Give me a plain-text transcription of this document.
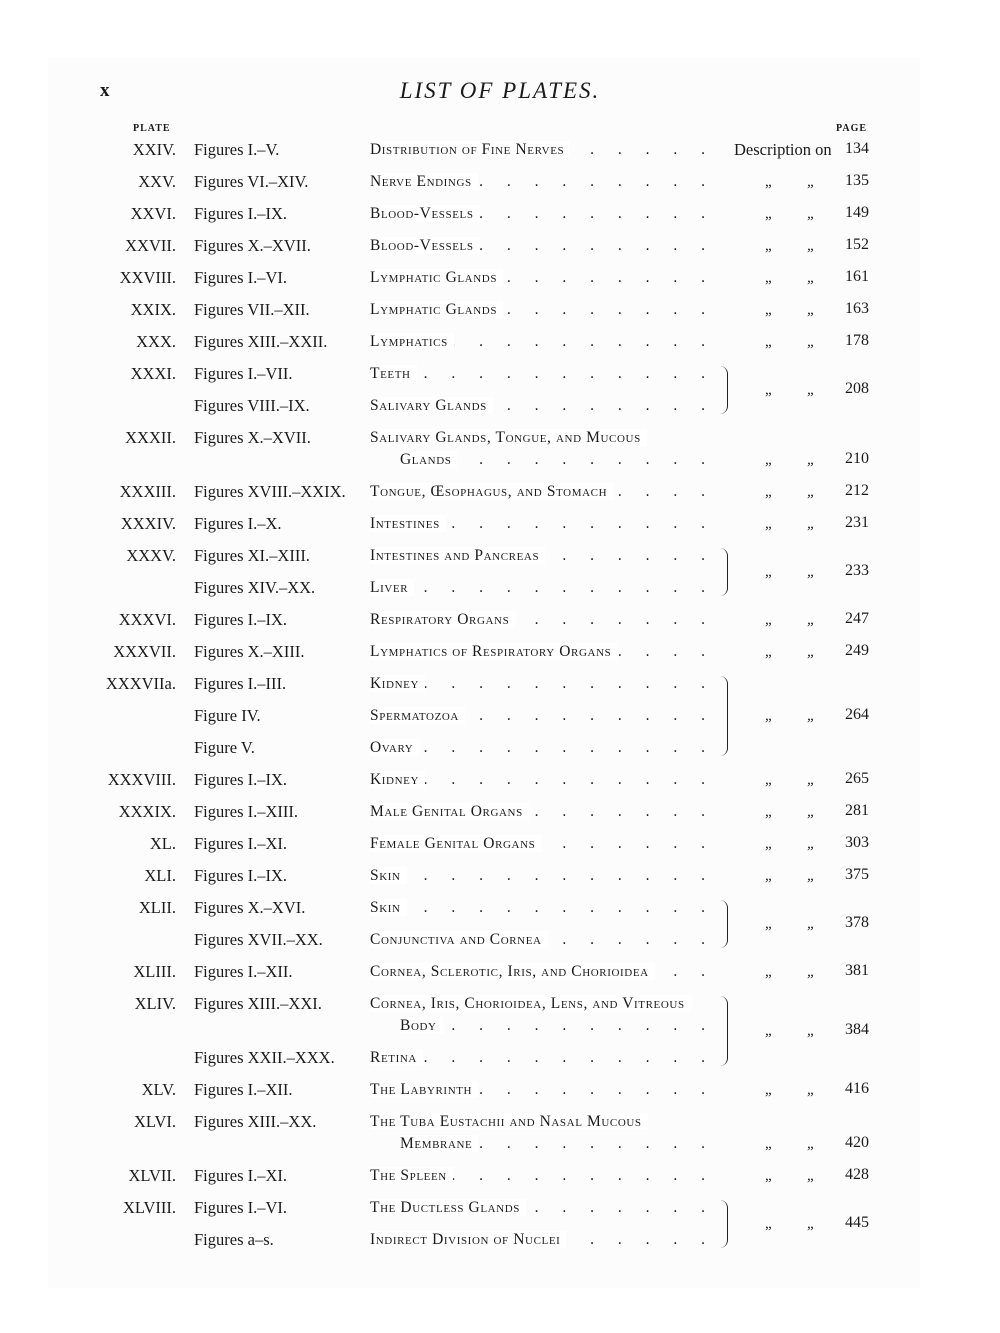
x	LIST OF PLATES.
PLATE	PAGE
XXIV. Figures I.–V.	Distribution of Fine Nerves . . .	Description on 134
XXV. Figures VI.–XIV.	Nerve Endings . . .	„ „ 135
XXVI. Figures I.–IX.	Blood-Vessels . . .	„ „ 149
XXVII. Figures X.–XVII.	Blood-Vessels . . .	„ „ 152
XXVIII. Figures I.–VI.	Lymphatic Glands . . .	„ „ 161
XXIX. Figures VII.–XII.	Lymphatic Glands . . .	„ „ 163
XXX. Figures XIII.–XXII.	Lymphatics . . .	„ „ 178
XXXI. Figures I.–VII.	Teeth . . .
Figures VIII.–IX.	Salivary Glands . . .
„ „ 208
XXXII. Figures X.–XVII.	Salivary Glands, Tongue, and Mucous
Glands . . .	„ „ 210
XXXIII. Figures XVIII.–XXIX. Tongue, Œsophagus, and Stomach . . .	„ „ 212
XXXIV. Figures I.–X.	Intestines . . .	„ „ 231
XXXV. Figures XI.–XIII.	Intestines and Pancreas . . .
Figures XIV.–XX.	Liver . . .
„ „ 233
XXXVI. Figures I.–IX.	Respiratory Organs . . .	„ „ 247
XXXVII. Figures X.–XIII.	Lymphatics of Respiratory Organs . . .	„ „ 249
XXXVIIa. Figures I.–III.	Kidney . . .
Figure IV.	Spermatozoa . . .
Figure V.	Ovary . . .
„ „ 264
XXXVIII. Figures I.–IX.	Kidney . . .	„ „ 265
XXXIX. Figures I.–XIII.	Male Genital Organs . . .	„ „ 281
XL. Figures I.–XI.	Female Genital Organs . . .	„ „ 303
XLI. Figures I.–IX.	Skin . . .	„ „ 375
XLII. Figures X.–XVI.	Skin . . .
Figures XVII.–XX.	Conjunctiva and Cornea . . .
„ „ 378
XLIII. Figures I.–XII.	Cornea, Sclerotic, Iris, and Chorioidea . . .	„ „ 381
XLIV. Figures XIII.–XXI.	Cornea, Iris, Chorioidea, Lens, and Vitreous
Body . . .
Figures XXII.–XXX. Retina . . .
„ „ 384
XLV. Figures I.–XII.	The Labyrinth . . .	„ „ 416
XLVI. Figures XIII.–XX.	The Tuba Eustachii and Nasal Mucous
Membrane . . .	„ „ 420
XLVII. Figures I.–XI.	The Spleen . . .	„ „ 428
XLVIII. Figures I.–VI.	The Ductless Glands . . .
Figures a–s.	Indirect Division of Nuclei . . .
„ „ 445
